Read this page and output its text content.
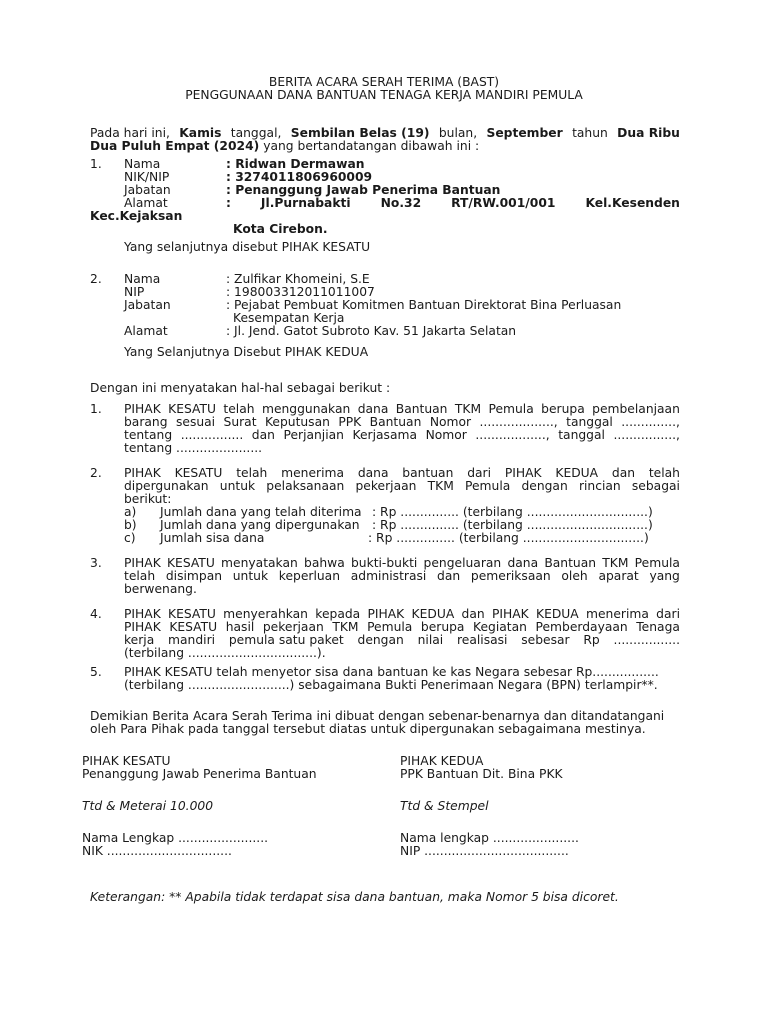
BERITA ACARA SERAH TERIMA (BAST)
PENGGUNAAN DANA BANTUAN TENAGA KERJA MANDIRI PEMULA
Pada hari ini, Kamis tanggal, Sembilan Belas (19) bulan, September tahun Dua Ribu
Dua Puluh Empat (2024) yang bertandatangan dibawah ini :
1. Nama	: Ridwan Dermawan
NIK/NIP	: 3274011806960009
Jabatan	: Penanggung Jawab Penerima Bantuan
Alamat	: Jl.Purnabakti No.32 RT/RW.001/001 Kel.Kesenden
Kec.Kejaksan
Kota Cirebon.
Yang selanjutnya disebut PIHAK KESATU
2. Nama	: Zulfikar Khomeini, S.E
NIP	: 198003312011011007
Jabatan	: Pejabat Pembuat Komitmen Bantuan Direktorat Bina Perluasan
Kesempatan Kerja
Alamat	: Jl. Jend. Gatot Subroto Kav. 51 Jakarta Selatan
Yang Selanjutnya Disebut PIHAK KEDUA
Dengan ini menyatakan hal-hal sebagai berikut :
1. PIHAK KESATU telah menggunakan dana Bantuan TKM Pemula berupa pembelanjaan
barang sesuai Surat Keputusan PPK Bantuan Nomor ..................., tanggal ..............,
tentang ................ dan Perjanjian Kerjasama Nomor .................., tanggal ................,
tentang ......................
2. PIHAK KESATU telah menerima dana bantuan dari PIHAK KEDUA dan telah
dipergunakan untuk pelaksanaan pekerjaan TKM Pemula dengan rincian sebagai
berikut:
a) Jumlah dana yang telah diterima : Rp ............... (terbilang ...............................)
b) Jumlah dana yang dipergunakan : Rp ............... (terbilang ...............................)
c) Jumlah sisa dana	: Rp ............... (terbilang ...............................)
3. PIHAK KESATU menyatakan bahwa bukti-bukti pengeluaran dana Bantuan TKM Pemula
telah disimpan untuk keperluan administrasi dan pemeriksaan oleh aparat yang
berwenang.
4. PIHAK KESATU menyerahkan kepada PIHAK KEDUA dan PIHAK KEDUA menerima dari
PIHAK KESATU hasil pekerjaan TKM Pemula berupa Kegiatan Pemberdayaan Tenaga
kerja mandiri pemula satu paket dengan nilai realisasi sebesar Rp .................
(terbilang .................................).
5. PIHAK KESATU telah menyetor sisa dana bantuan ke kas Negara sebesar Rp.................
(terbilang ..........................) sebagaimana Bukti Penerimaan Negara (BPN) terlampir**.
Demikian Berita Acara Serah Terima ini dibuat dengan sebenar-benarnya dan ditandatangani
oleh Para Pihak pada tanggal tersebut diatas untuk dipergunakan sebagaimana mestinya.
PIHAK KESATU
Penanggung Jawab Penerima Bantuan
Ttd & Meterai 10.000
Nama Lengkap .......................
NIK ................................
PIHAK KEDUA
PPK Bantuan Dit. Bina PKK
Ttd & Stempel
Nama lengkap ......................
NIP .....................................
Keterangan: ** Apabila tidak terdapat sisa dana bantuan, maka Nomor 5 bisa dicoret.
